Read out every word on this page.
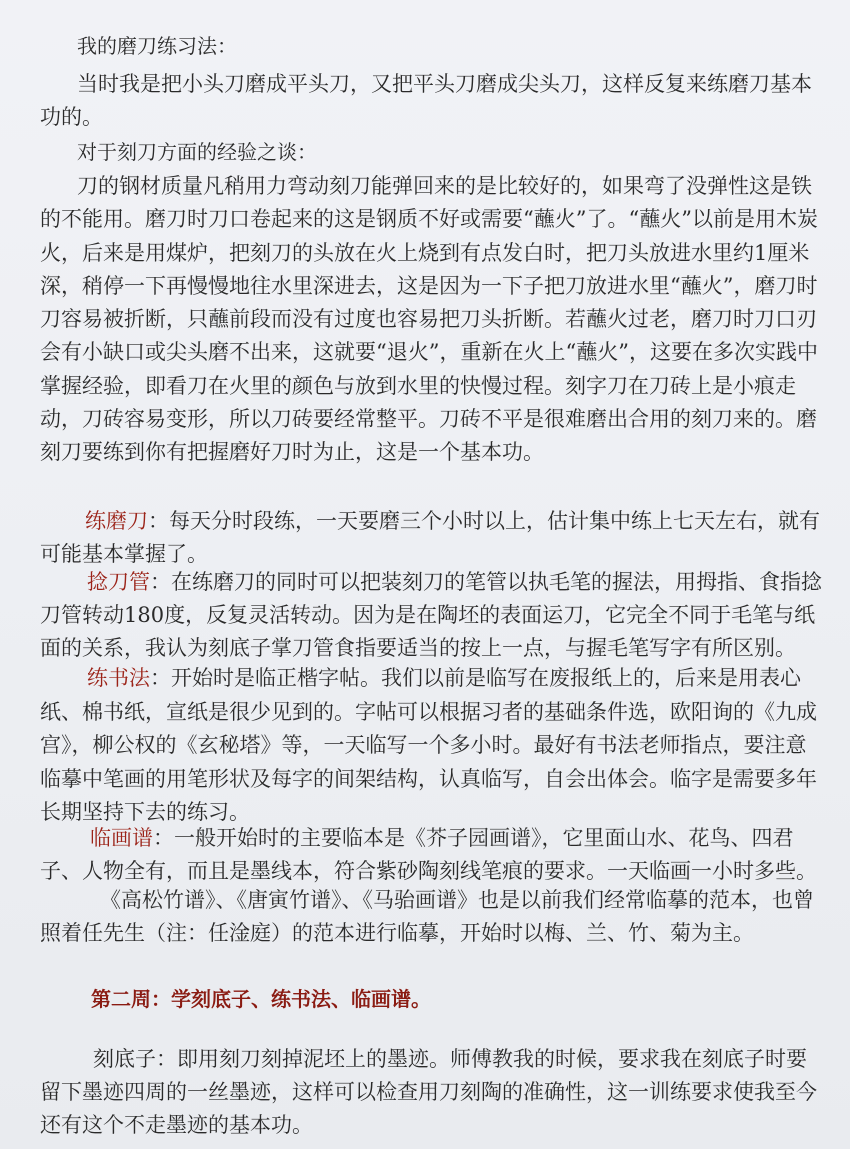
我的磨刀练习法：

当时我是把小头刀磨成平头刀，又把平头刀磨成尖头刀，这样反复来练磨刀基本功的。

对于刻刀方面的经验之谈：

刀的钢材质量凡稍用力弯动刻刀能弹回来的是比较好的，如果弯了没弹性这是铁的不能用。磨刀时刀口卷起来的这是钢质不好或需要“蘸火”了。“蘸火”以前是用木炭火，后来是用煤炉，把刻刀的头放在火上烧到有点发白时，把刀头放进水里约1厘米深，稍停一下再慢慢地往水里深进去，这是因为一下子把刀放进水里“蘸火”，磨刀时刀容易被折断，只蘸前段而没有过度也容易把刀头折断。若蘸火过老，磨刀时刀口刃会有小缺口或尖头磨不出来，这就要“退火”，重新在火上“蘸火”，这要在多次实践中掌握经验，即看刀在火里的颜色与放到水里的快慢过程。刻字刀在刀砖上是小痕走动，刀砖容易变形，所以刀砖要经常整平。刀砖不平是很难磨出合用的刻刀来的。磨刻刀要练到你有把握磨好刀时为止，这是一个基本功。

练磨刀：每天分时段练，一天要磨三个小时以上，估计集中练上七天左右，就有可能基本掌握了。

捻刀管：在练磨刀的同时可以把装刻刀的笔管以执毛笔的握法，用拇指、食指捻刀管转动180度，反复灵活转动。因为是在陶坯的表面运刀，它完全不同于毛笔与纸面的关系，我认为刻底子掌刀管食指要适当的按上一点，与握毛笔写字有所区别。

练书法：开始时是临正楷字帖。我们以前是临写在废报纸上的，后来是用表心纸、棉书纸，宣纸是很少见到的。字帖可以根据习者的基础条件选，欧阳询的《九成宫》，柳公权的《玄秘塔》等，一天临写一个多小时。最好有书法老师指点，要注意临摹中笔画的用笔形状及每字的间架结构，认真临写，自会出体会。临字是需要多年长期坚持下去的练习。

临画谱：一般开始时的主要临本是《芥子园画谱》，它里面山水、花鸟、四君子、人物全有，而且是墨线本，符合紫砂陶刻线笔痕的要求。一天临画一小时多些。

《高松竹谱》、《唐寅竹谱》、《马骀画谱》也是以前我们经常临摹的范本，也曾照着任先生（注：任淦庭）的范本进行临摹，开始时以梅、兰、竹、菊为主。

第二周：学刻底子、练书法、临画谱。

刻底子：即用刻刀刻掉泥坯上的墨迹。师傅教我的时候，要求我在刻底子时要留下墨迹四周的一丝墨迹，这样可以检查用刀刻陶的准确性，这一训练要求使我至今还有这个不走墨迹的基本功。
